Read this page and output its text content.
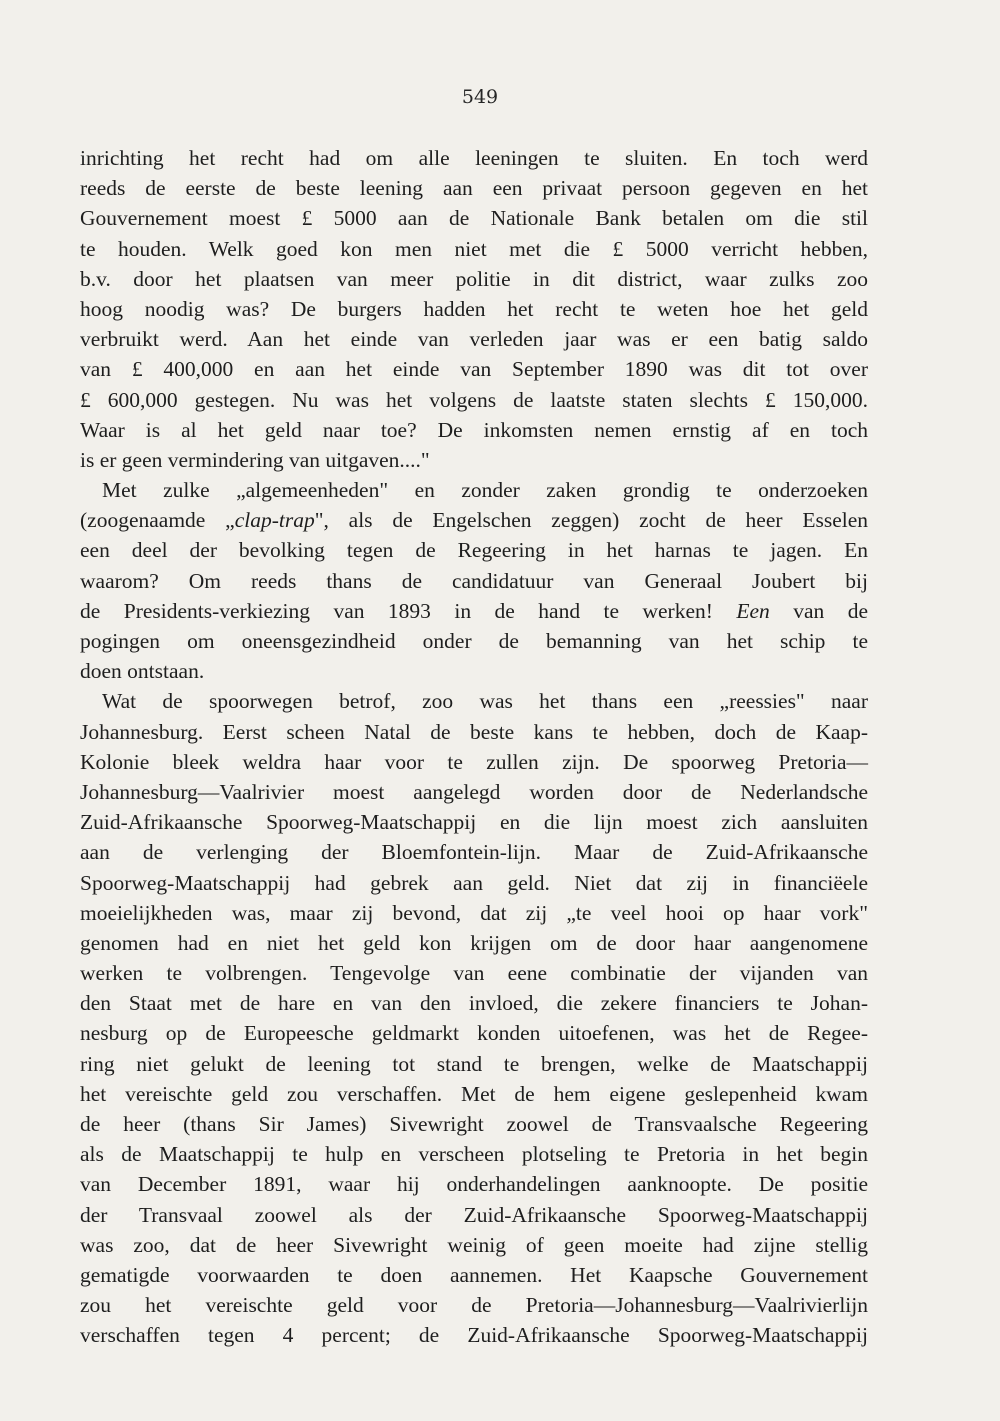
549
inrichting het recht had om alle leeningen te sluiten. En toch werd
reeds de eerste de beste leening aan een privaat persoon gegeven en het
Gouvernement moest £ 5000 aan de Nationale Bank betalen om die stil
te houden. Welk goed kon men niet met die £ 5000 verricht hebben,
b.v. door het plaatsen van meer politie in dit district, waar zulks zoo
hoog noodig was? De burgers hadden het recht te weten hoe het geld
verbruikt werd. Aan het einde van verleden jaar was er een batig saldo
van £ 400,000 en aan het einde van September 1890 was dit tot over
£ 600,000 gestegen. Nu was het volgens de laatste staten slechts £ 150,000.
Waar is al het geld naar toe? De inkomsten nemen ernstig af en toch
is er geen vermindering van uitgaven...."
Met zulke „algemeenheden" en zonder zaken grondig te onderzoeken
(zoogenaamde „clap-trap", als de Engelschen zeggen) zocht de heer Esselen
een deel der bevolking tegen de Regeering in het harnas te jagen. En
waarom? Om reeds thans de candidatuur van Generaal Joubert bij
de Presidents-verkiezing van 1893 in de hand te werken! Een van de
pogingen om oneensgezindheid onder de bemanning van het schip te
doen ontstaan.
Wat de spoorwegen betrof, zoo was het thans een „reessies" naar
Johannesburg. Eerst scheen Natal de beste kans te hebben, doch de Kaap-
Kolonie bleek weldra haar voor te zullen zijn. De spoorweg Pretoria—
Johannesburg—Vaalrivier moest aangelegd worden door de Nederlandsche
Zuid-Afrikaansche Spoorweg-Maatschappij en die lijn moest zich aansluiten
aan de verlenging der Bloemfontein-lijn. Maar de Zuid-Afrikaansche
Spoorweg-Maatschappij had gebrek aan geld. Niet dat zij in financiëele
moeielijkheden was, maar zij bevond, dat zij „te veel hooi op haar vork"
genomen had en niet het geld kon krijgen om de door haar aangenomene
werken te volbrengen. Tengevolge van eene combinatie der vijanden van
den Staat met de hare en van den invloed, die zekere financiers te Johan-
nesburg op de Europeesche geldmarkt konden uitoefenen, was het de Regee-
ring niet gelukt de leening tot stand te brengen, welke de Maatschappij
het vereischte geld zou verschaffen. Met de hem eigene geslepenheid kwam
de heer (thans Sir James) Sivewright zoowel de Transvaalsche Regeering
als de Maatschappij te hulp en verscheen plotseling te Pretoria in het begin
van December 1891, waar hij onderhandelingen aanknoopte. De positie
der Transvaal zoowel als der Zuid-Afrikaansche Spoorweg-Maatschappij
was zoo, dat de heer Sivewright weinig of geen moeite had zijne stellig
gematigde voorwaarden te doen aannemen. Het Kaapsche Gouvernement
zou het vereischte geld voor de Pretoria—Johannesburg—Vaalrivierlijn
verschaffen tegen 4 percent; de Zuid-Afrikaansche Spoorweg-Maatschappij
